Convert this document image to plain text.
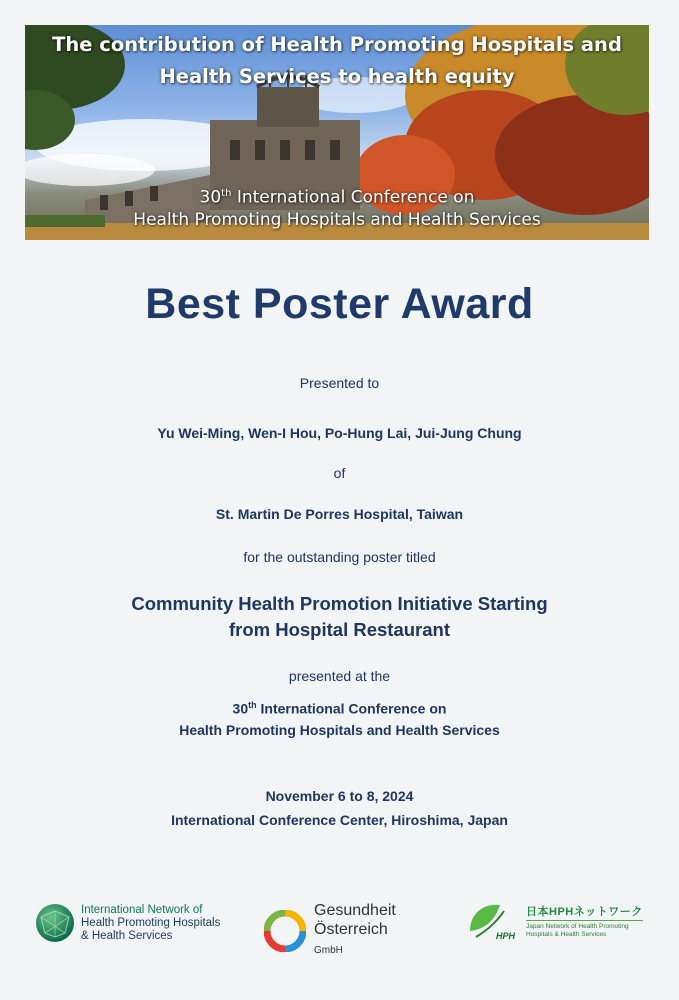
The contribution of Health Promoting Hospitals and
Health Services to health equity
30th International Conference on
Health Promoting Hospitals and Health Services
Best Poster Award
Presented to
Yu Wei-Ming, Wen-I Hou, Po-Hung Lai, Jui-Jung Chung
of
St. Martin De Porres Hospital, Taiwan
for the outstanding poster titled
Community Health Promotion Initiative Starting
from Hospital Restaurant
presented at the
30th International Conference on
Health Promoting Hospitals and Health Services
November 6 to 8, 2024
International Conference Center, Hiroshima, Japan
International Network of
Health Promoting Hospitals
& Health Services
Gesundheit
Österreich
GmbH
HPH
日本HPHネットワーク
Japan Network of Health Promoting
Hospitals & Health Services
